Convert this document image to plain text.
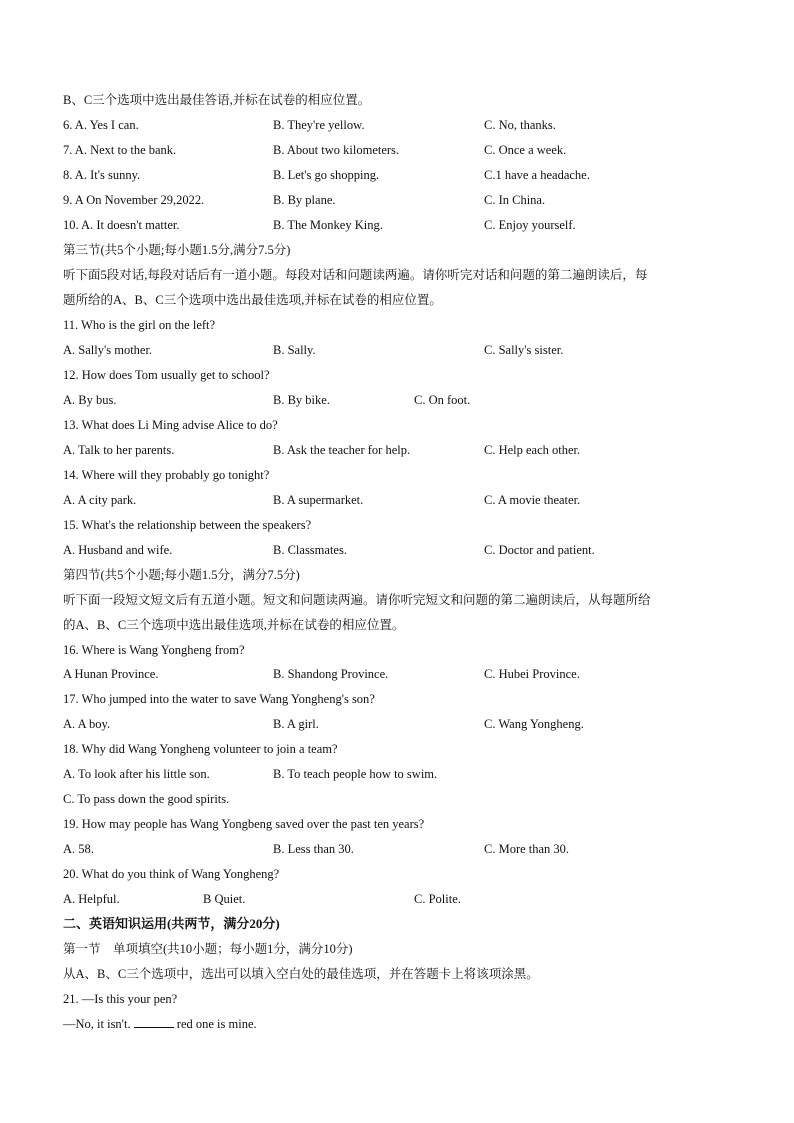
B、C三个选项中选出最佳答语,并标在试卷的相应位置。
6. A. Yes I can.	B. They're yellow.	C. No, thanks.
7. A. Next to the bank.	B. About two kilometers.	C. Once a week.
8. A. It's sunny.	B. Let's go shopping.	C.1 have a headache.
9. A On November 29,2022.	B. By plane.	C. In China.
10. A. It doesn't matter.	B. The Monkey King.	C. Enjoy yourself.
第三节(共5个小题;每小题1.5分,满分7.5分)
听下面5段对话,每段对话后有一道小题。每段对话和问题读两遍。请你听完对话和问题的第二遍朗读后，每
题所给的A、B、C三个选项中选出最佳选项,并标在试卷的相应位置。
11. Who is the girl on the left?
A. Sally's mother.	B. Sally.	C. Sally's sister.
12. How does Tom usually get to school?
A. By bus.	B. By bike.	C. On foot.
13. What does Li Ming advise Alice to do?
A. Talk to her parents.	B. Ask the teacher for help.	C. Help each other.
14. Where will they probably go tonight?
A. A city park.	B. A supermarket.	C. A movie theater.
15. What's the relationship between the speakers?
A. Husband and wife.	B. Classmates.	C. Doctor and patient.
第四节(共5个小题;每小题1.5分，满分7.5分)
听下面一段短文短文后有五道小题。短文和问题读两遍。请你听完短文和问题的第二遍朗读后，从每题所给
的A、B、C三个选项中选出最佳选项,并标在试卷的相应位置。
16. Where is Wang Yongheng from?
A Hunan Province.	B. Shandong Province.	C. Hubei Province.
17. Who jumped into the water to save Wang Yongheng's son?
A. A boy.	B. A girl.	C. Wang Yongheng.
18. Why did Wang Yongheng volunteer to join a team?
A. To look after his little son.	B. To teach people how to swim.
C. To pass down the good spirits.
19. How may people has Wang Yongbeng saved over the past ten years?
A. 58.	B. Less than 30.	C. More than 30.
20. What do you think of Wang Yongheng?
A. Helpful.	B Quiet.	C. Polite.
二、英语知识运用(共两节，满分20分)
第一节　单项填空(共10小题；每小题1分，满分10分)
从A、B、C三个选项中，选出可以填入空白处的最佳选项，并在答题卡上将该项涂黑。
21. —Is this your pen?
—No, it isn't.	red one is mine.
